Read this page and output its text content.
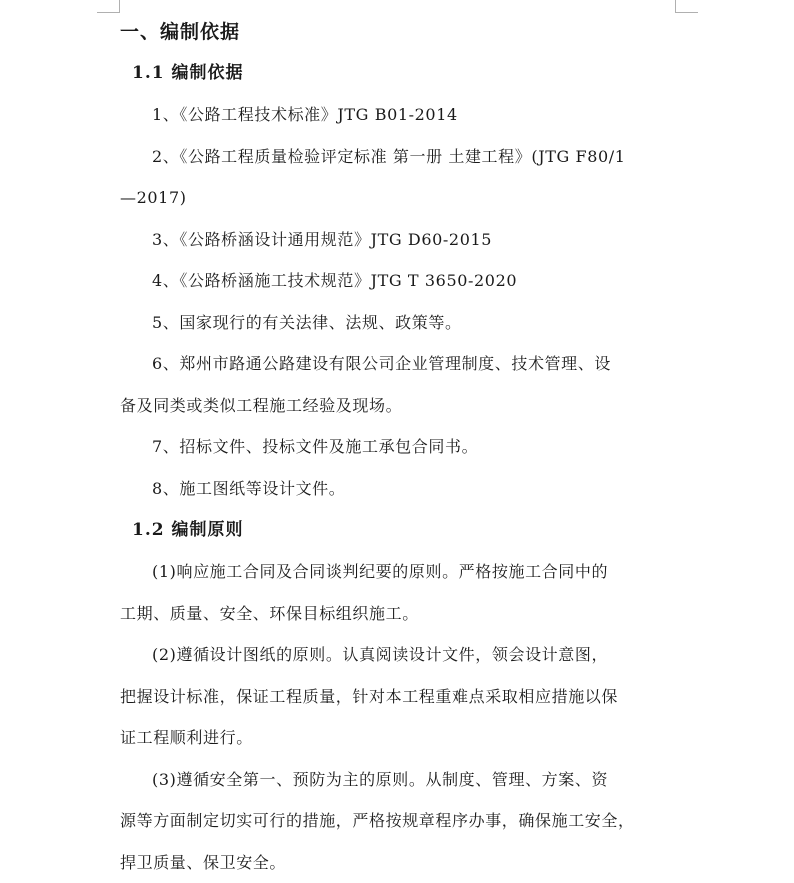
一、编制依据
1.1 编制依据
1、《公路工程技术标准》JTG B01-2014
2、《公路工程质量检验评定标准 第一册 土建工程》(JTG F80/1
—2017)
3、《公路桥涵设计通用规范》JTG D60-2015
4、《公路桥涵施工技术规范》JTG T 3650-2020
5、国家现行的有关法律、法规、政策等。
6、郑州市路通公路建设有限公司企业管理制度、技术管理、设
备及同类或类似工程施工经验及现场。
7、招标文件、投标文件及施工承包合同书。
8、施工图纸等设计文件。
1.2 编制原则
(1)响应施工合同及合同谈判纪要的原则。严格按施工合同中的
工期、质量、安全、环保目标组织施工。
(2)遵循设计图纸的原则。认真阅读设计文件，领会设计意图，
把握设计标准，保证工程质量，针对本工程重难点采取相应措施以保
证工程顺利进行。
(3)遵循安全第一、预防为主的原则。从制度、管理、方案、资
源等方面制定切实可行的措施，严格按规章程序办事，确保施工安全，
捍卫质量、保卫安全。
